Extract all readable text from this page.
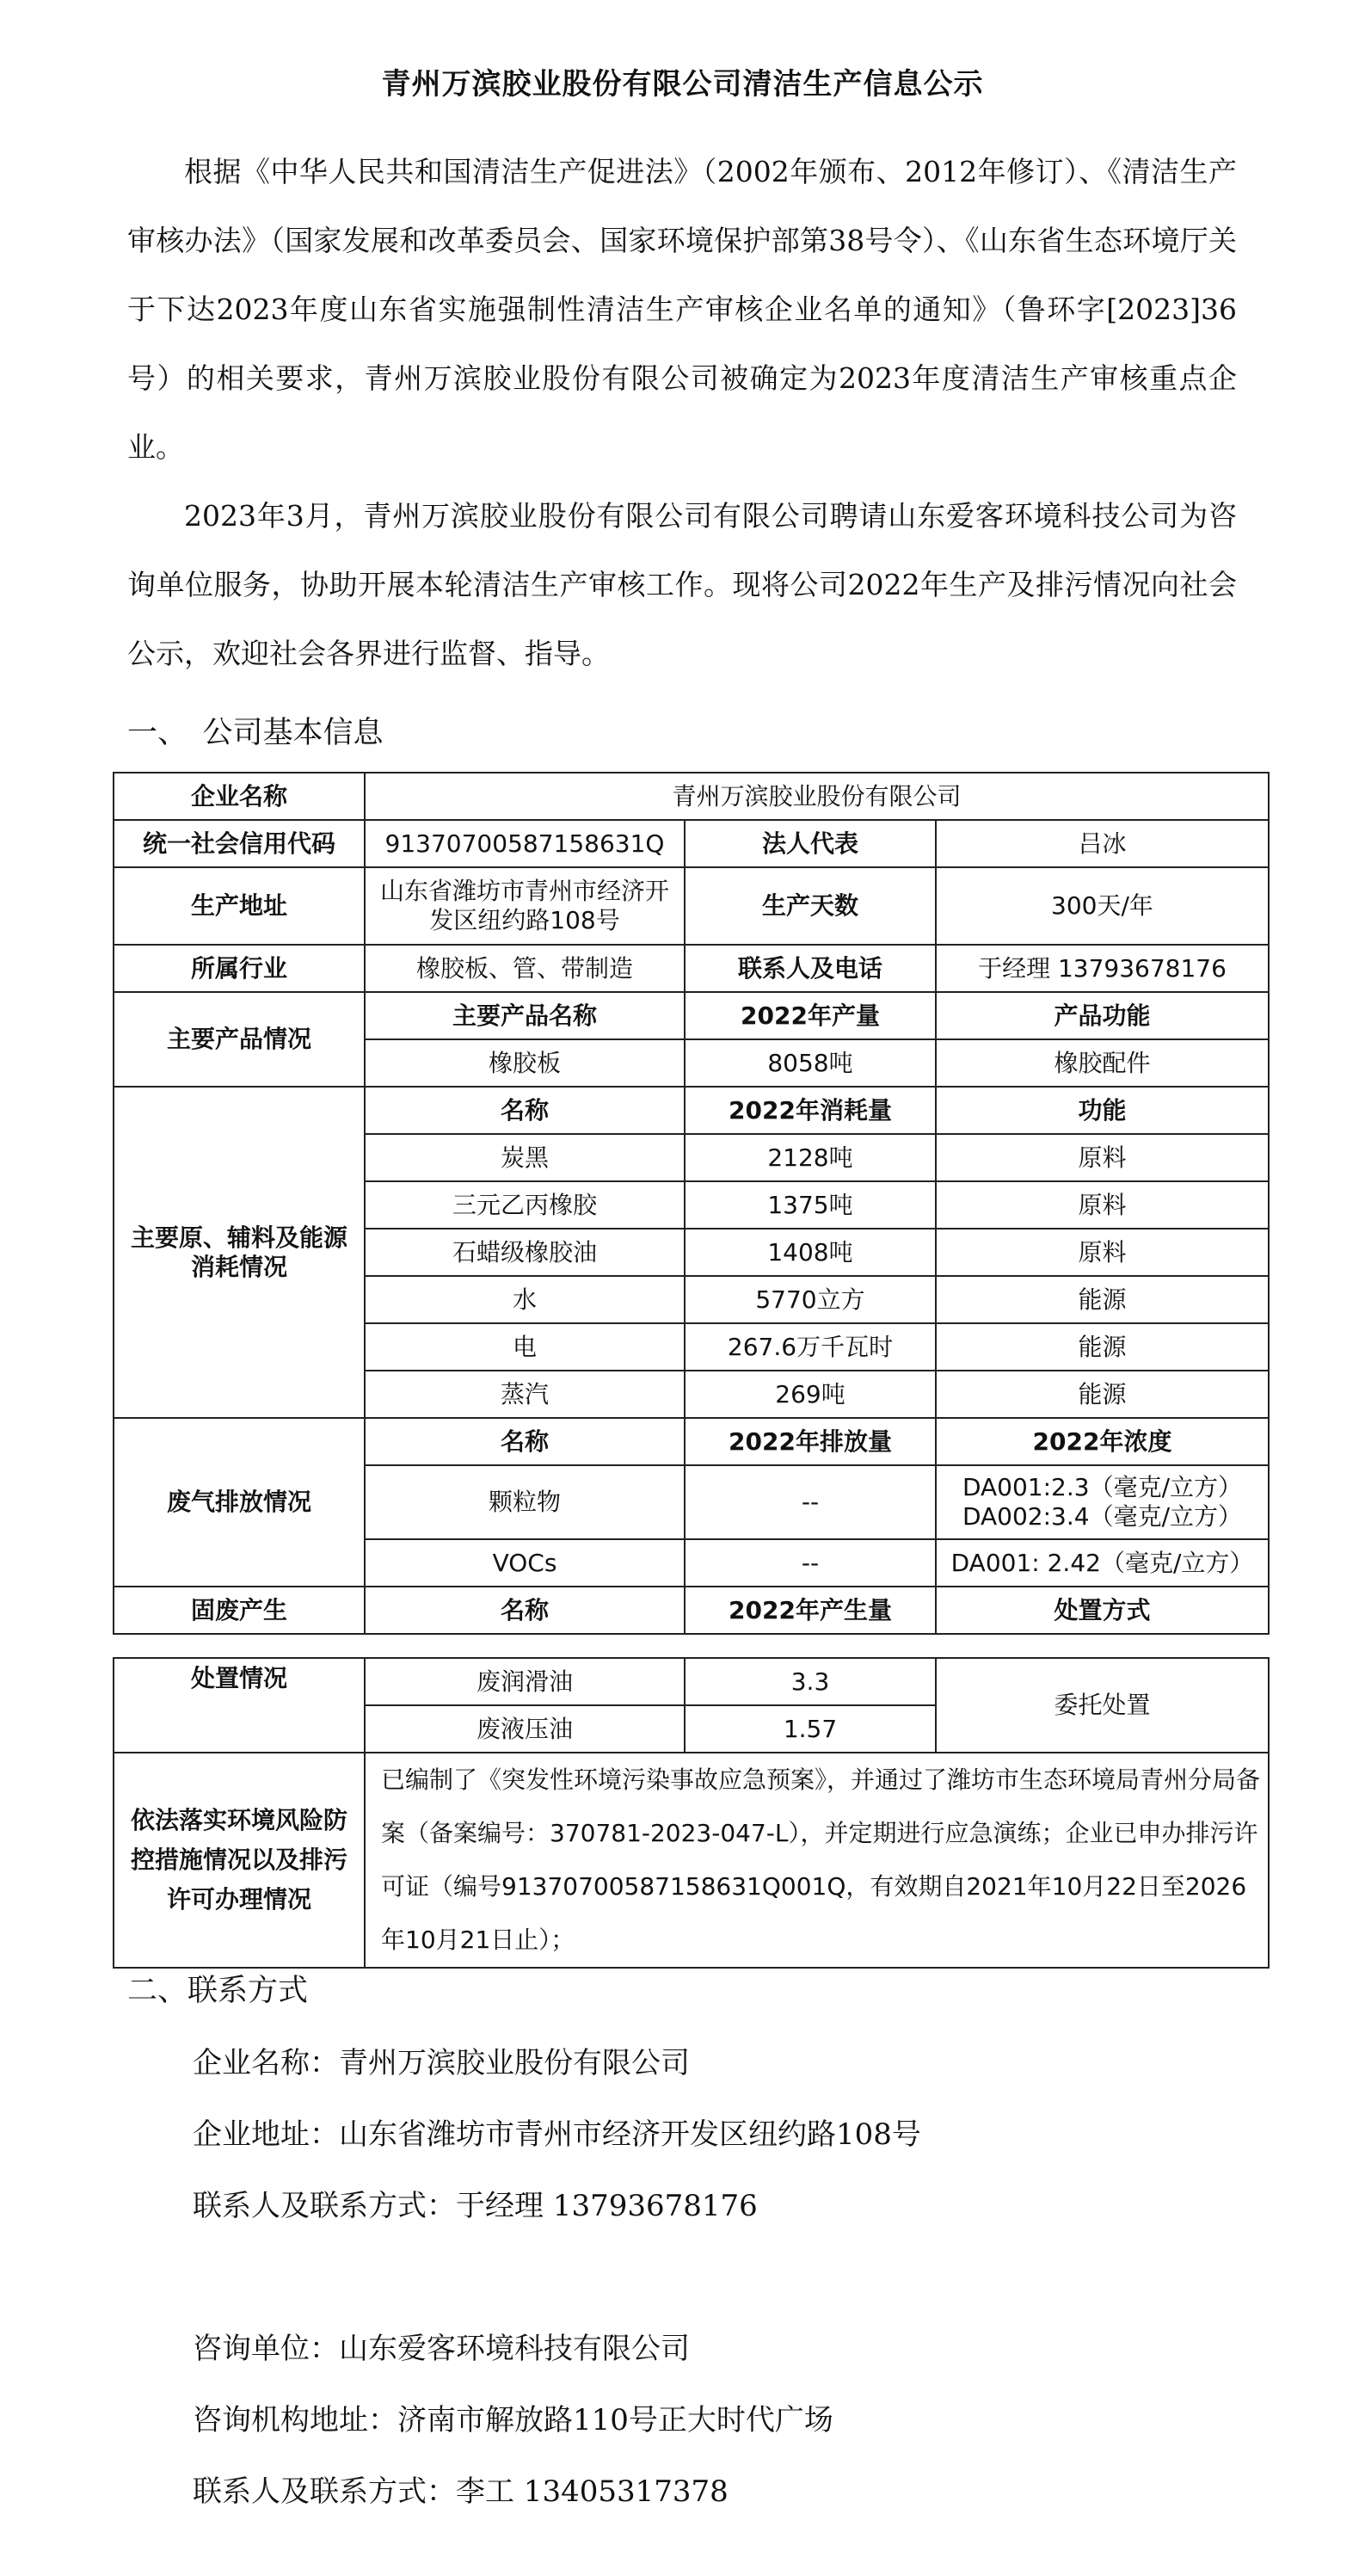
青州万滨胶业股份有限公司清洁生产信息公示

根据《中华人民共和国清洁生产促进法》（2002年颁布、2012年修订）、《清洁生产审核办法》（国家发展和改革委员会、国家环境保护部第38号令）、《山东省生态环境厅关于下达2023年度山东省实施强制性清洁生产审核企业名单的通知》（鲁环字[2023]36号）的相关要求，青州万滨胶业股份有限公司被确定为2023年度清洁生产审核重点企业。

2023年3月，青州万滨胶业股份有限公司有限公司聘请山东爱客环境科技公司为咨询单位服务，协助开展本轮清洁生产审核工作。现将公司2022年生产及排污情况向社会公示，欢迎社会各界进行监督、指导。

一、　公司基本信息
企业名称	青州万滨胶业股份有限公司		
统一社会信用代码	91370700587158631Q	法人代表	吕冰
生产地址	山东省潍坊市青州市经济开发区纽约路108号	生产天数	300天/年
所属行业	橡胶板、管、带制造	联系人及电话	于经理 13793678176
主要产品情况	主要产品名称	2022年产量	产品功能
	橡胶板	8058吨	橡胶配件
主要原、辅料及能源消耗情况	名称	2022年消耗量	功能
	炭黑	2128吨	原料
	三元乙丙橡胶	1375吨	原料
	石蜡级橡胶油	1408吨	原料
	水	5770立方	能源
	电	267.6万千瓦时	能源
	蒸汽	269吨	能源
废气排放情况	名称	2022年排放量	2022年浓度
	颗粒物	--	DA001:2.3（毫克/立方）
DA002:3.4（毫克/立方）

	VOCs	--	DA001: 2.42（毫克/立方）
固废产生	名称	2022年产生量	处置方式
处置情况	废润滑油	3.3	委托处置
	废液压油	1.57	
依法落实环境风险防控措施情况以及排污许可办理情况	已编制了《突发性环境污染事故应急预案》，并通过了潍坊市生态环境局青州分局备案（备案编号：370781-2023-047-L），并定期进行应急演练；企业已申办排污许可证（编号91370700587158631Q001Q，有效期自2021年10月22日至2026年10月21日止）；		
二、联系方式
企业名称：青州万滨胶业股份有限公司
企业地址：山东省潍坊市青州市经济开发区纽约路108号
联系人及联系方式：于经理 13793678176
咨询单位：山东爱客环境科技有限公司
咨询机构地址：济南市解放路110号正大时代广场
联系人及联系方式：李工 13405317378
